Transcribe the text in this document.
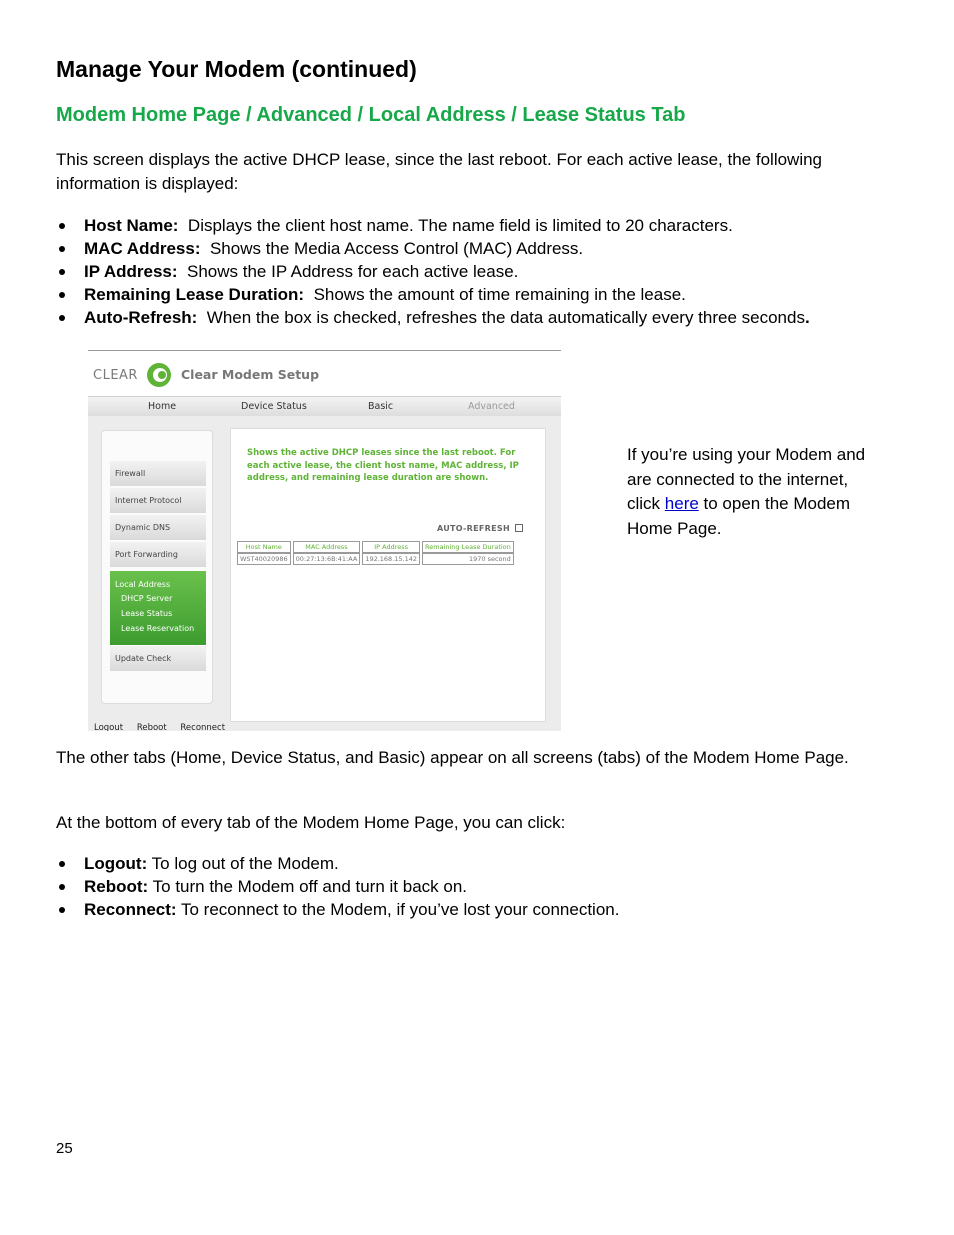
Manage Your Modem (continued)
Modem Home Page / Advanced / Local Address / Lease Status Tab

This screen displays the active DHCP lease, since the last reboot. For each active lease, the following information is displayed:

Host Name: Displays the client host name. The name field is limited to 20 characters.
MAC Address: Shows the Media Access Control (MAC) Address.
IP Address: Shows the IP Address for each active lease.
Remaining Lease Duration: Shows the amount of time remaining in the lease.
Auto-Refresh: When the box is checked, refreshes the data automatically every three seconds.
CLEAR	Clear Modem Setup
Home	Device Status	Basic	Advanced
Firewall
Internet Protocol
Dynamic DNS
Port Forwarding
Local Address
DHCP Server
Lease Status
Lease Reservation
Update Check

Shows the active DHCP leases since the last reboot. For each active lease, the client host name, MAC address, IP address, and remaining lease duration are shown.

AUTO-REFRESH
Host Name	MAC Address	IP Address	Remaining Lease Duration
WST40020986	00:27:13:6B:41:AA	192.168.15.142	1970 second
Logout Reboot Reconnect

If you’re using your Modem and are connected to the internet, click here to open the Modem Home Page.

The other tabs (Home, Device Status, and Basic) appear on all screens (tabs) of the Modem Home Page.

At the bottom of every tab of the Modem Home Page, you can click:

Logout: To log out of the Modem.
Reboot: To turn the Modem off and turn it back on.
Reconnect: To reconnect to the Modem, if you’ve lost your connection.

25
